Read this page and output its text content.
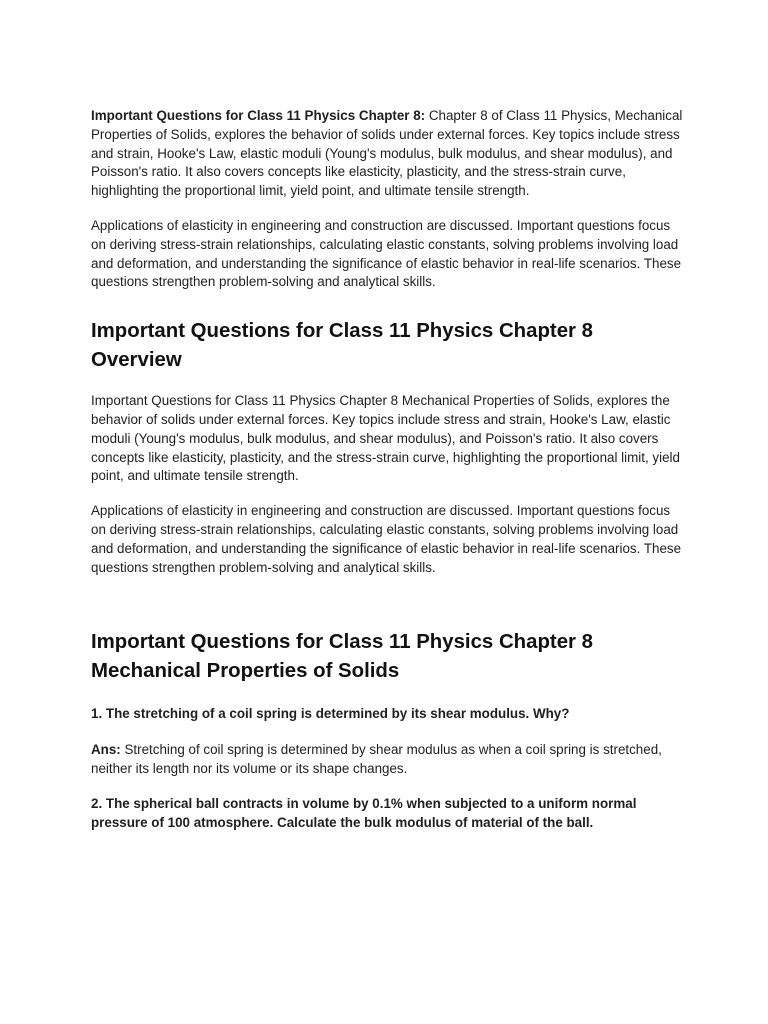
Important Questions for Class 11 Physics Chapter 8: Chapter 8 of Class 11 Physics, Mechanical Properties of Solids, explores the behavior of solids under external forces. Key topics include stress and strain, Hooke's Law, elastic moduli (Young's modulus, bulk modulus, and shear modulus), and Poisson's ratio. It also covers concepts like elasticity, plasticity, and the stress-strain curve, highlighting the proportional limit, yield point, and ultimate tensile strength.

Applications of elasticity in engineering and construction are discussed. Important questions focus on deriving stress-strain relationships, calculating elastic constants, solving problems involving load and deformation, and understanding the significance of elastic behavior in real-life scenarios. These questions strengthen problem-solving and analytical skills.

Important Questions for Class 11 Physics Chapter 8 Overview

Important Questions for Class 11 Physics Chapter 8 Mechanical Properties of Solids, explores the behavior of solids under external forces. Key topics include stress and strain, Hooke's Law, elastic moduli (Young's modulus, bulk modulus, and shear modulus), and Poisson's ratio. It also covers concepts like elasticity, plasticity, and the stress-strain curve, highlighting the proportional limit, yield point, and ultimate tensile strength.

Applications of elasticity in engineering and construction are discussed. Important questions focus on deriving stress-strain relationships, calculating elastic constants, solving problems involving load and deformation, and understanding the significance of elastic behavior in real-life scenarios. These questions strengthen problem-solving and analytical skills.

Important Questions for Class 11 Physics Chapter 8 Mechanical Properties of Solids

1. The stretching of a coil spring is determined by its shear modulus. Why?

Ans: Stretching of coil spring is determined by shear modulus as when a coil spring is stretched, neither its length nor its volume or its shape changes.

2. The spherical ball contracts in volume by 0.1% when subjected to a uniform normal pressure of 100 atmosphere. Calculate the bulk modulus of material of the ball.
